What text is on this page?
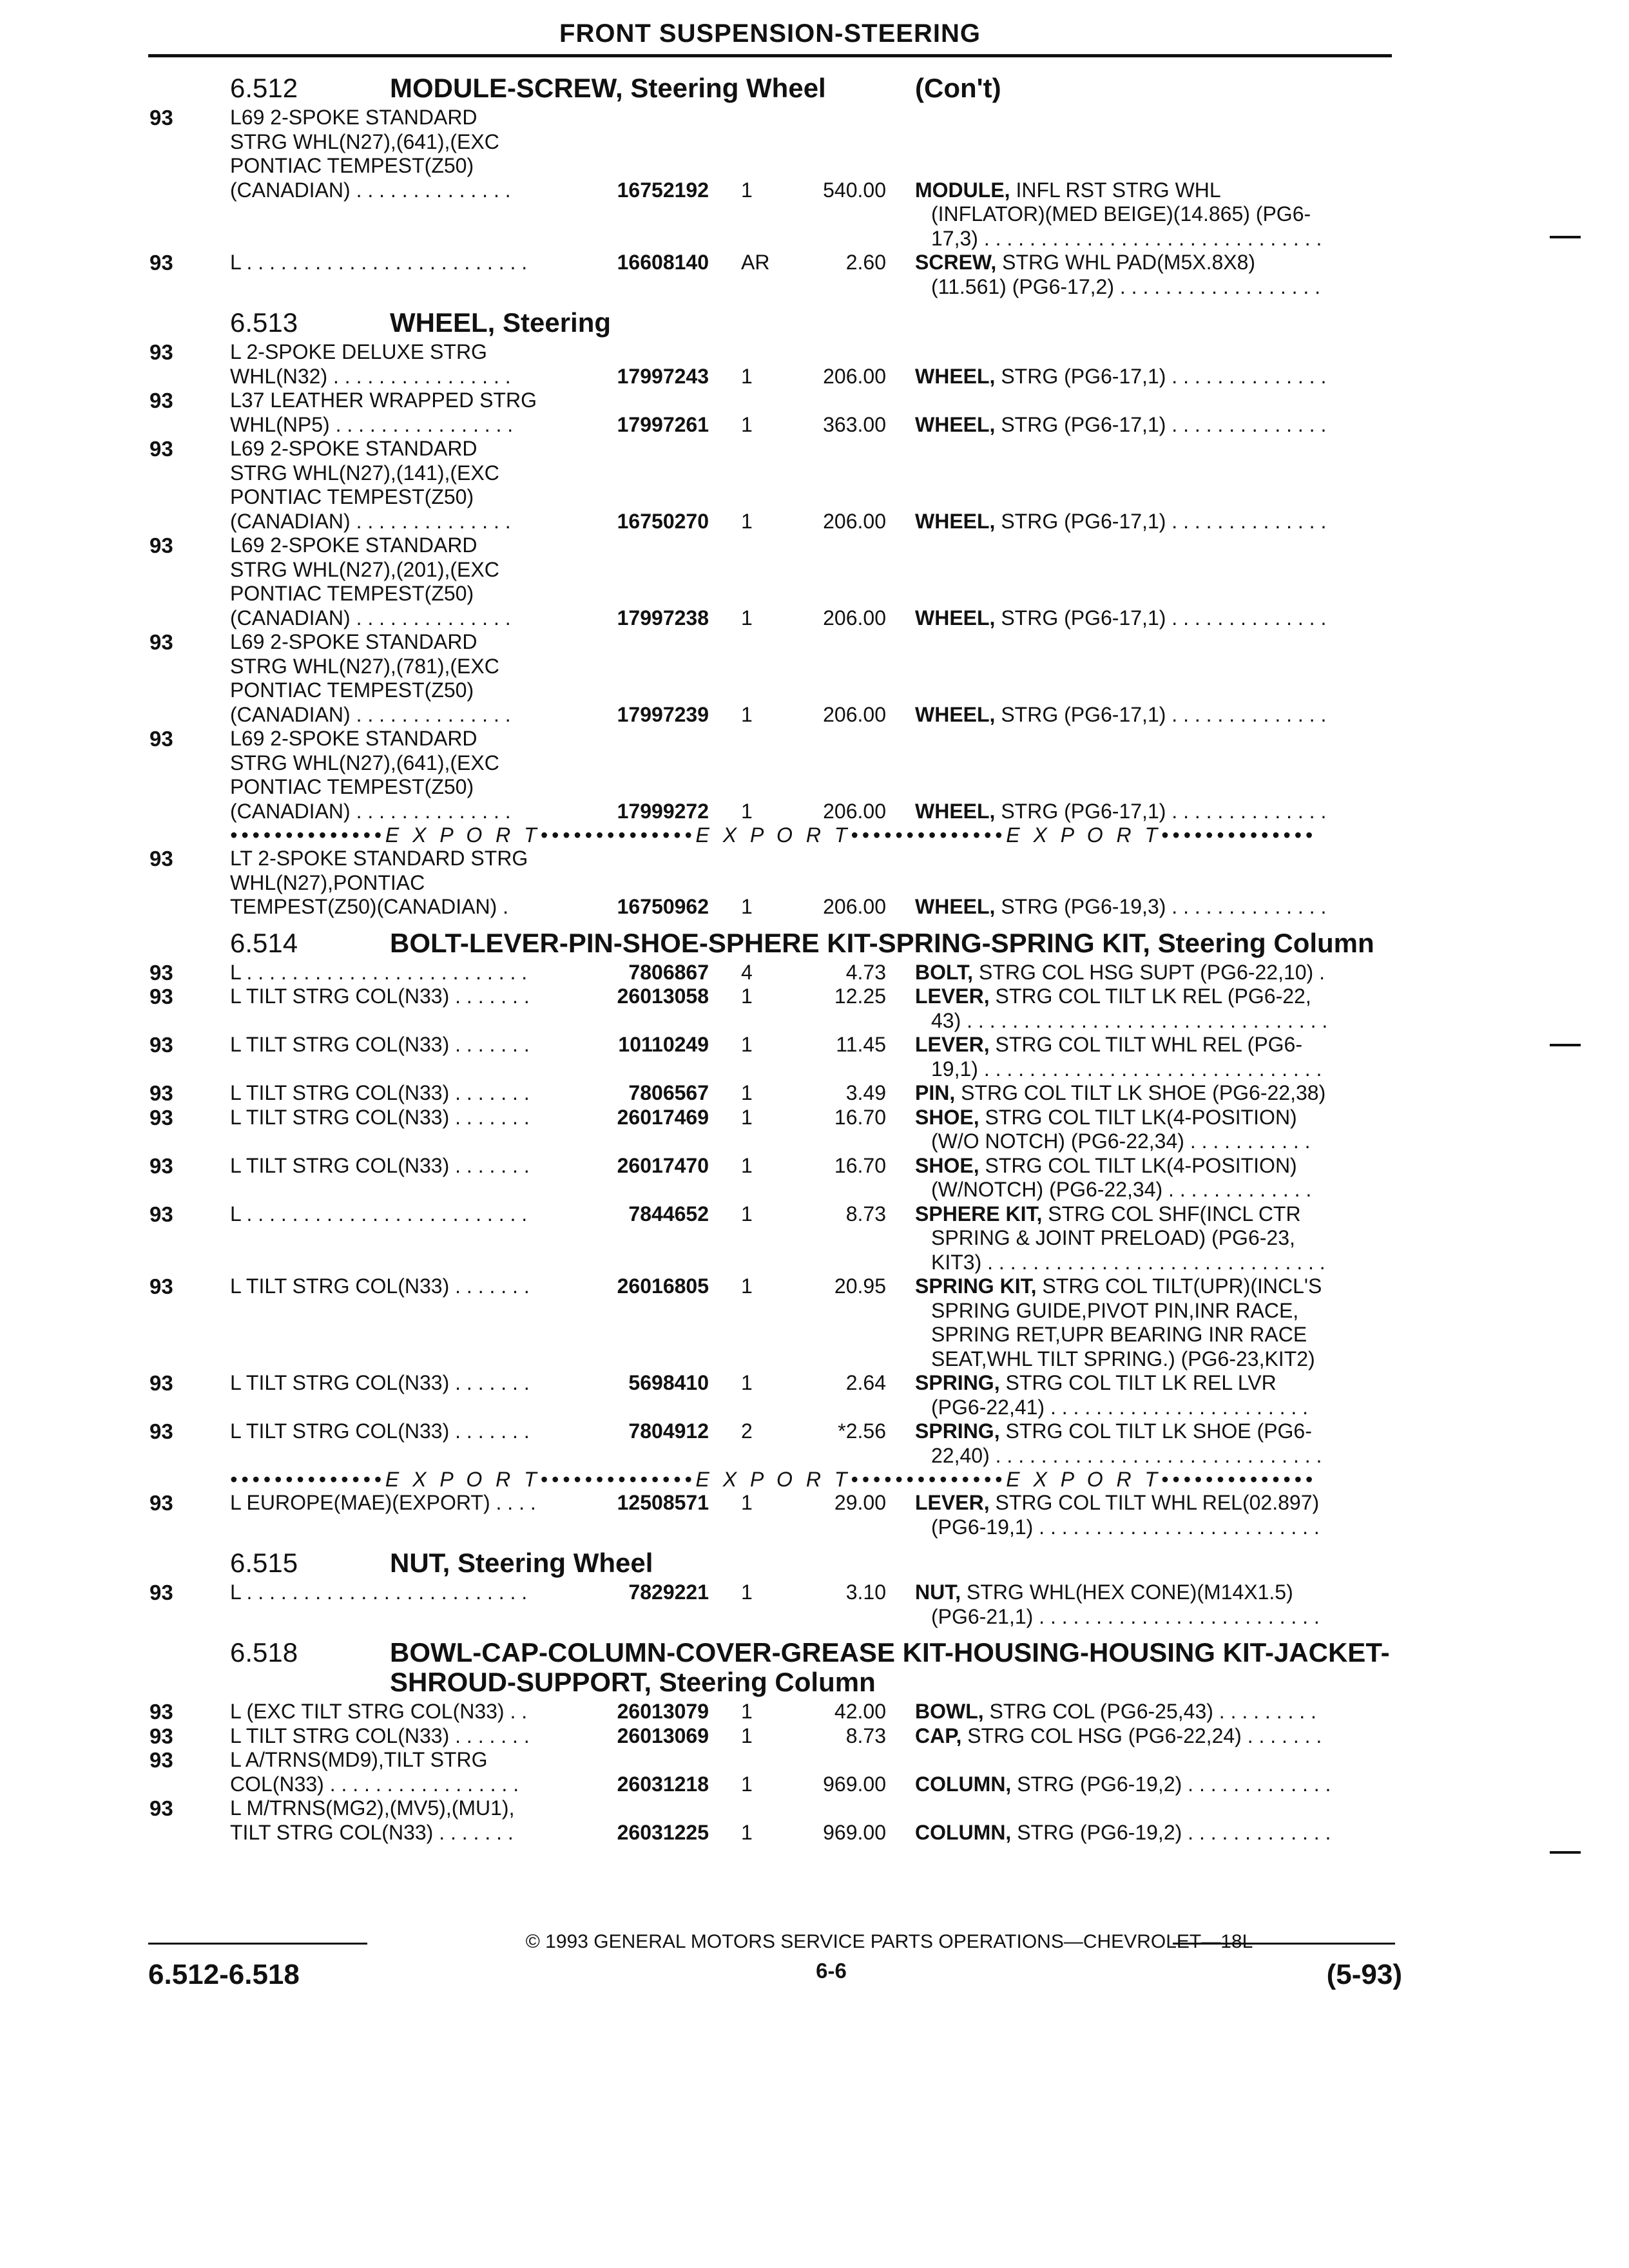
FRONT SUSPENSION-STEERING
6.512	MODULE-SCREW, Steering Wheel	(Con't)
93	L69 2-SPOKE STANDARD
STRG WHL(N27),(641),(EXC
PONTIAC TEMPEST(Z50)
(CANADIAN) . . . . . . . . . . . . . .	16752192 1	540.00 MODULE, INFL RST STRG WHL
(INFLATOR)(MED BEIGE)(14.865) (PG6-
17,3) . . . . . . . . . . . . . . . . . . . . . . . . . . . . . .
93	L . . . . . . . . . . . . . . . . . . . . . . . . .	16608140 AR	2.60 SCREW, STRG WHL PAD(M5X.8X8)
(11.561) (PG6-17,2) . . . . . . . . . . . . . . . . . .
6.513	WHEEL, Steering
93	L 2-SPOKE DELUXE STRG
WHL(N32) . . . . . . . . . . . . . . . .	17997243 1	206.00 WHEEL, STRG (PG6-17,1) . . . . . . . . . . . . . .
93	L37 LEATHER WRAPPED STRG
WHL(NP5) . . . . . . . . . . . . . . . .	17997261 1	363.00 WHEEL, STRG (PG6-17,1) . . . . . . . . . . . . . .
93	L69 2-SPOKE STANDARD
STRG WHL(N27),(141),(EXC
PONTIAC TEMPEST(Z50)
(CANADIAN) . . . . . . . . . . . . . .	16750270 1	206.00 WHEEL, STRG (PG6-17,1) . . . . . . . . . . . . . .
93	L69 2-SPOKE STANDARD
STRG WHL(N27),(201),(EXC
PONTIAC TEMPEST(Z50)
(CANADIAN) . . . . . . . . . . . . . .	17997238 1	206.00 WHEEL, STRG (PG6-17,1) . . . . . . . . . . . . . .
93	L69 2-SPOKE STANDARD
STRG WHL(N27),(781),(EXC
PONTIAC TEMPEST(Z50)
(CANADIAN) . . . . . . . . . . . . . .	17997239 1	206.00 WHEEL, STRG (PG6-17,1) . . . . . . . . . . . . . .
93	L69 2-SPOKE STANDARD
STRG WHL(N27),(641),(EXC
PONTIAC TEMPEST(Z50)
(CANADIAN) . . . . . . . . . . . . . .	17999272 1	206.00 WHEEL, STRG (PG6-17,1) . . . . . . . . . . . . . .
••••••••••••••E X P O R T••••••••••••••E X P O R T••••••••••••••E X P O R T••••••••••••••
93	LT 2-SPOKE STANDARD STRG
WHL(N27),PONTIAC
TEMPEST(Z50)(CANADIAN) .	16750962 1	206.00 WHEEL, STRG (PG6-19,3) . . . . . . . . . . . . . .
6.514	BOLT-LEVER-PIN-SHOE-SPHERE KIT-SPRING-SPRING KIT, Steering Column
93	L . . . . . . . . . . . . . . . . . . . . . . . . .	7806867 4	4.73 BOLT, STRG COL HSG SUPT (PG6-22,10) .
93	L TILT STRG COL(N33) . . . . . . .	26013058 1	12.25 LEVER, STRG COL TILT LK REL (PG6-22,
43) . . . . . . . . . . . . . . . . . . . . . . . . . . . . . . . .
93	L TILT STRG COL(N33) . . . . . . .	10110249 1	11.45 LEVER, STRG COL TILT WHL REL (PG6-
19,1) . . . . . . . . . . . . . . . . . . . . . . . . . . . . . .
93	L TILT STRG COL(N33) . . . . . . .	7806567 1	3.49 PIN, STRG COL TILT LK SHOE (PG6-22,38)
93	L TILT STRG COL(N33) . . . . . . .	26017469 1	16.70 SHOE, STRG COL TILT LK(4-POSITION)
(W/O NOTCH) (PG6-22,34) . . . . . . . . . . .
93	L TILT STRG COL(N33) . . . . . . .	26017470 1	16.70 SHOE, STRG COL TILT LK(4-POSITION)
(W/NOTCH) (PG6-22,34) . . . . . . . . . . . . .
93	L . . . . . . . . . . . . . . . . . . . . . . . . .	7844652 1	8.73 SPHERE KIT, STRG COL SHF(INCL CTR
SPRING & JOINT PRELOAD) (PG6-23,
KIT3) . . . . . . . . . . . . . . . . . . . . . . . . . . . . . .
93	L TILT STRG COL(N33) . . . . . . .	26016805 1	20.95 SPRING KIT, STRG COL TILT(UPR)(INCL'S
SPRING GUIDE,PIVOT PIN,INR RACE,
SPRING RET,UPR BEARING INR RACE
SEAT,WHL TILT SPRING.) (PG6-23,KIT2)
93	L TILT STRG COL(N33) . . . . . . .	5698410 1	2.64 SPRING, STRG COL TILT LK REL LVR
(PG6-22,41) . . . . . . . . . . . . . . . . . . . . . . .
93	L TILT STRG COL(N33) . . . . . . .	7804912 2	*2.56 SPRING, STRG COL TILT LK SHOE (PG6-
22,40) . . . . . . . . . . . . . . . . . . . . . . . . . . . . .
••••••••••••••E X P O R T••••••••••••••E X P O R T••••••••••••••E X P O R T••••••••••••••
93	L EUROPE(MAE)(EXPORT) . . . .	12508571 1	29.00 LEVER, STRG COL TILT WHL REL(02.897)
(PG6-19,1) . . . . . . . . . . . . . . . . . . . . . . . . .
6.515	NUT, Steering Wheel
93	L . . . . . . . . . . . . . . . . . . . . . . . . .	7829221 1	3.10 NUT, STRG WHL(HEX CONE)(M14X1.5)
(PG6-21,1) . . . . . . . . . . . . . . . . . . . . . . . . .
6.518	BOWL-CAP-COLUMN-COVER-GREASE KIT-HOUSING-HOUSING KIT-JACKET-SHROUD-SUPPORT, Steering Column
93	L (EXC TILT STRG COL(N33) . .	26013079 1	42.00 BOWL, STRG COL (PG6-25,43) . . . . . . . . .
93	L TILT STRG COL(N33) . . . . . . .	26013069 1	8.73 CAP, STRG COL HSG (PG6-22,24) . . . . . . .
93	L A/TRNS(MD9),TILT STRG
COL(N33) . . . . . . . . . . . . . . . . .	26031218 1	969.00 COLUMN, STRG (PG6-19,2) . . . . . . . . . . . . .
93	L M/TRNS(MG2),(MV5),(MU1),
TILT STRG COL(N33) . . . . . . .	26031225 1	969.00 COLUMN, STRG (PG6-19,2) . . . . . . . . . . . . .
© 1993 GENERAL MOTORS SERVICE PARTS OPERATIONS—CHEVROLET—18L
6.512-6.518	6-6	(5-93)
